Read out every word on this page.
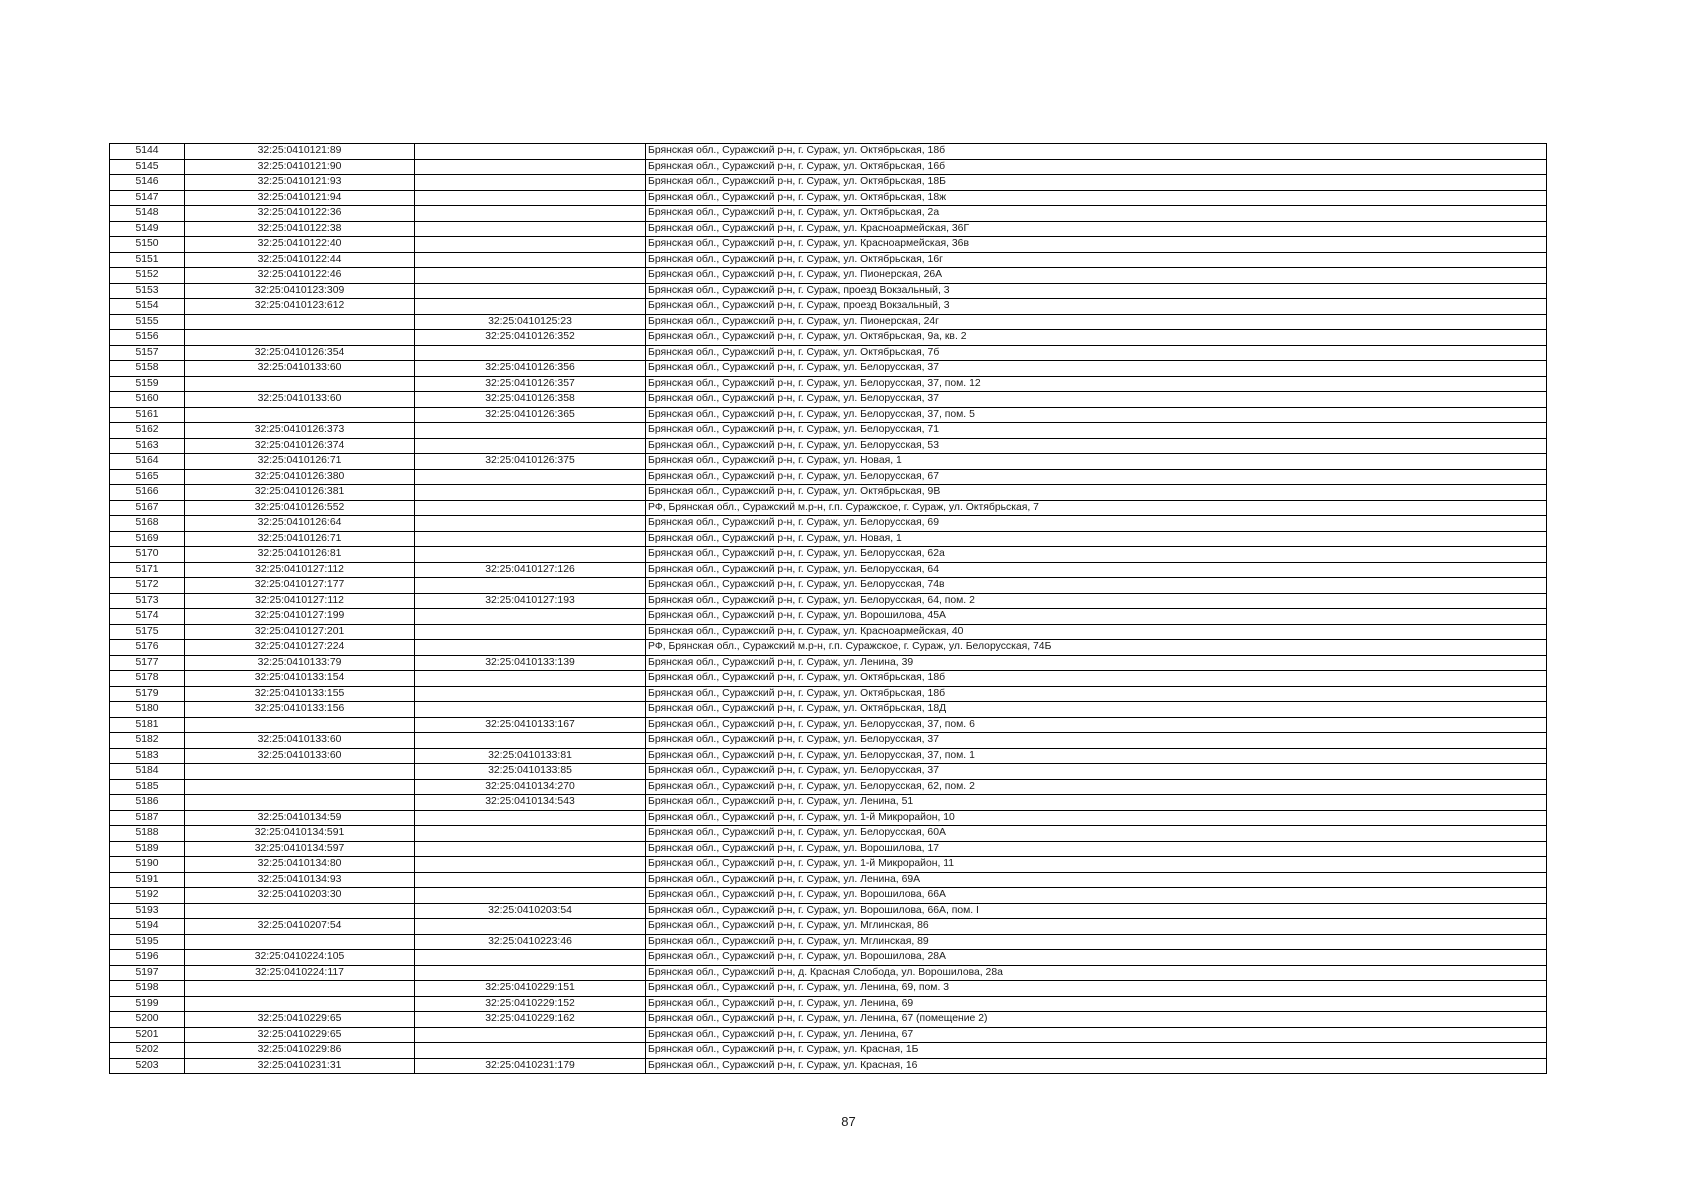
5144	32:25:0410121:89		Брянская обл., Суражский р-н, г. Сураж, ул. Октябрьская, 18б
5145	32:25:0410121:90		Брянская обл., Суражский р-н, г. Сураж, ул. Октябрьская, 16б
5146	32:25:0410121:93		Брянская обл., Суражский р-н, г. Сураж, ул. Октябрьская, 18Б
5147	32:25:0410121:94		Брянская обл., Суражский р-н, г. Сураж, ул. Октябрьская, 18ж
5148	32:25:0410122:36		Брянская обл., Суражский р-н, г. Сураж, ул. Октябрьская, 2а
5149	32:25:0410122:38		Брянская обл., Суражский р-н, г. Сураж, ул. Красноармейская, 36Г
5150	32:25:0410122:40		Брянская обл., Суражский р-н, г. Сураж, ул. Красноармейская, 36в
5151	32:25:0410122:44		Брянская обл., Суражский р-н, г. Сураж, ул. Октябрьская, 16г
5152	32:25:0410122:46		Брянская обл., Суражский р-н, г. Сураж, ул. Пионерская, 26А
5153	32:25:0410123:309		Брянская обл., Суражский р-н, г. Сураж, проезд Вокзальный, 3
5154	32:25:0410123:612		Брянская обл., Суражский р-н, г. Сураж, проезд Вокзальный, 3
5155		32:25:0410125:23	Брянская обл., Суражский р-н, г. Сураж, ул. Пионерская, 24г
5156		32:25:0410126:352	Брянская обл., Суражский р-н, г. Сураж, ул. Октябрьская, 9а, кв. 2
5157	32:25:0410126:354		Брянская обл., Суражский р-н, г. Сураж, ул. Октябрьская, 7б
5158	32:25:0410133:60	32:25:0410126:356	Брянская обл., Суражский р-н, г. Сураж, ул. Белорусская, 37
5159		32:25:0410126:357	Брянская обл., Суражский р-н, г. Сураж, ул. Белорусская, 37, пом. 12
5160	32:25:0410133:60	32:25:0410126:358	Брянская обл., Суражский р-н, г. Сураж, ул. Белорусская, 37
5161		32:25:0410126:365	Брянская обл., Суражский р-н, г. Сураж, ул. Белорусская, 37, пом. 5
5162	32:25:0410126:373		Брянская обл., Суражский р-н, г. Сураж, ул. Белорусская, 71
5163	32:25:0410126:374		Брянская обл., Суражский р-н, г. Сураж, ул. Белорусская, 53
5164	32:25:0410126:71	32:25:0410126:375	Брянская обл., Суражский р-н, г. Сураж, ул. Новая, 1
5165	32:25:0410126:380		Брянская обл., Суражский р-н, г. Сураж, ул. Белорусская, 67
5166	32:25:0410126:381		Брянская обл., Суражский р-н, г. Сураж, ул. Октябрьская, 9В
5167	32:25:0410126:552		РФ, Брянская обл., Суражский м.р-н, г.п. Суражское, г. Сураж, ул. Октябрьская, 7
5168	32:25:0410126:64		Брянская обл., Суражский р-н, г. Сураж, ул. Белорусская, 69
5169	32:25:0410126:71		Брянская обл., Суражский р-н, г. Сураж, ул. Новая, 1
5170	32:25:0410126:81		Брянская обл., Суражский р-н, г. Сураж, ул. Белорусская, 62а
5171	32:25:0410127:112	32:25:0410127:126	Брянская обл., Суражский р-н, г. Сураж, ул. Белорусская, 64
5172	32:25:0410127:177		Брянская обл., Суражский р-н, г. Сураж, ул. Белорусская, 74в
5173	32:25:0410127:112	32:25:0410127:193	Брянская обл., Суражский р-н, г. Сураж, ул. Белорусская, 64, пом. 2
5174	32:25:0410127:199		Брянская обл., Суражский р-н, г. Сураж, ул. Ворошилова, 45А
5175	32:25:0410127:201		Брянская обл., Суражский р-н, г. Сураж, ул. Красноармейская, 40
5176	32:25:0410127:224		РФ, Брянская обл., Суражский м.р-н, г.п. Суражское, г. Сураж, ул. Белорусская, 74Б
5177	32:25:0410133:79	32:25:0410133:139	Брянская обл., Суражский р-н, г. Сураж, ул. Ленина, 39
5178	32:25:0410133:154		Брянская обл., Суражский р-н, г. Сураж, ул. Октябрьская, 18б
5179	32:25:0410133:155		Брянская обл., Суражский р-н, г. Сураж, ул. Октябрьская, 18б
5180	32:25:0410133:156		Брянская обл., Суражский р-н, г. Сураж, ул. Октябрьская, 18Д
5181		32:25:0410133:167	Брянская обл., Суражский р-н, г. Сураж, ул. Белорусская, 37, пом. 6
5182	32:25:0410133:60		Брянская обл., Суражский р-н, г. Сураж, ул. Белорусская, 37
5183	32:25:0410133:60	32:25:0410133:81	Брянская обл., Суражский р-н, г. Сураж, ул. Белорусская, 37, пом. 1
5184		32:25:0410133:85	Брянская обл., Суражский р-н, г. Сураж, ул. Белорусская, 37
5185		32:25:0410134:270	Брянская обл., Суражский р-н, г. Сураж, ул. Белорусская, 62, пом. 2
5186		32:25:0410134:543	Брянская обл., Суражский р-н, г. Сураж, ул. Ленина, 51
5187	32:25:0410134:59		Брянская обл., Суражский р-н, г. Сураж, ул. 1-й Микрорайон, 10
5188	32:25:0410134:591		Брянская обл., Суражский р-н, г. Сураж, ул. Белорусская, 60А
5189	32:25:0410134:597		Брянская обл., Суражский р-н, г. Сураж, ул. Ворошилова, 17
5190	32:25:0410134:80		Брянская обл., Суражский р-н, г. Сураж, ул. 1-й Микрорайон, 11
5191	32:25:0410134:93		Брянская обл., Суражский р-н, г. Сураж, ул. Ленина, 69А
5192	32:25:0410203:30		Брянская обл., Суражский р-н, г. Сураж, ул. Ворошилова, 66А
5193		32:25:0410203:54	Брянская обл., Суражский р-н, г. Сураж, ул. Ворошилова, 66А, пом. I
5194	32:25:0410207:54		Брянская обл., Суражский р-н, г. Сураж, ул. Мглинская, 86
5195		32:25:0410223:46	Брянская обл., Суражский р-н, г. Сураж, ул. Мглинская, 89
5196	32:25:0410224:105		Брянская обл., Суражский р-н, г. Сураж, ул. Ворошилова, 28А
5197	32:25:0410224:117		Брянская обл., Суражский р-н, д. Красная Слобода, ул. Ворошилова, 28а
5198		32:25:0410229:151	Брянская обл., Суражский р-н, г. Сураж, ул. Ленина, 69, пом. 3
5199		32:25:0410229:152	Брянская обл., Суражский р-н, г. Сураж, ул. Ленина, 69
5200	32:25:0410229:65	32:25:0410229:162	Брянская обл., Суражский р-н, г. Сураж, ул. Ленина, 67 (помещение 2)
5201	32:25:0410229:65		Брянская обл., Суражский р-н, г. Сураж, ул. Ленина, 67
5202	32:25:0410229:86		Брянская обл., Суражский р-н, г. Сураж, ул. Красная, 1Б
5203	32:25:0410231:31	32:25:0410231:179	Брянская обл., Суражский р-н, г. Сураж, ул. Красная, 16
87
